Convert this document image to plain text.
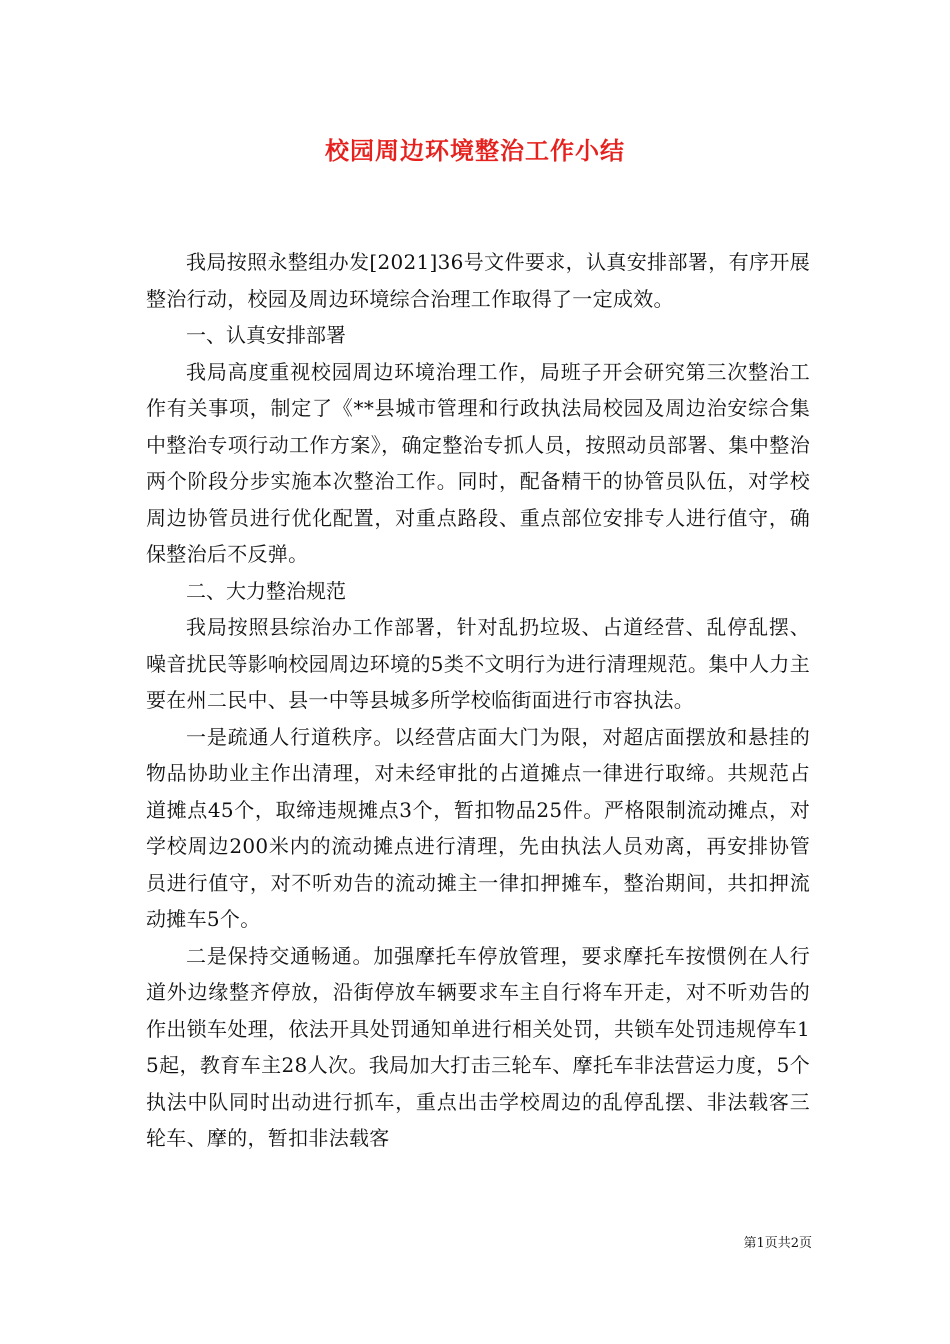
校园周边环境整治工作小结

我局按照永整组办发[2021]36号文件要求，认真安排部署，有序开展整治行动，校园及周边环境综合治理工作取得了一定成效。

一、认真安排部署

我局高度重视校园周边环境治理工作，局班子开会研究第三次整治工作有关事项，制定了《**县城市管理和行政执法局校园及周边治安综合集中整治专项行动工作方案》，确定整治专抓人员，按照动员部署、集中整治两个阶段分步实施本次整治工作。同时，配备精干的协管员队伍，对学校周边协管员进行优化配置，对重点路段、重点部位安排专人进行值守，确保整治后不反弹。

二、大力整治规范

我局按照县综治办工作部署，针对乱扔垃圾、占道经营、乱停乱摆、噪音扰民等影响校园周边环境的5类不文明行为进行清理规范。集中人力主要在州二民中、县一中等县城多所学校临街面进行市容执法。

一是疏通人行道秩序。以经营店面大门为限，对超店面摆放和悬挂的物品协助业主作出清理，对未经审批的占道摊点一律进行取缔。共规范占道摊点45个，取缔违规摊点3个，暂扣物品25件。严格限制流动摊点，对学校周边200米内的流动摊点进行清理，先由执法人员劝离，再安排协管员进行值守，对不听劝告的流动摊主一律扣押摊车，整治期间，共扣押流动摊车5个。

二是保持交通畅通。加强摩托车停放管理，要求摩托车按惯例在人行道外边缘整齐停放，沿街停放车辆要求车主自行将车开走，对不听劝告的作出锁车处理，依法开具处罚通知单进行相关处罚，共锁车处罚违规停车15起，教育车主28人次。我局加大打击三轮车、摩托车非法营运力度，5个执法中队同时出动进行抓车，重点出击学校周边的乱停乱摆、非法载客三轮车、摩的，暂扣非法载客

第1页共2页
